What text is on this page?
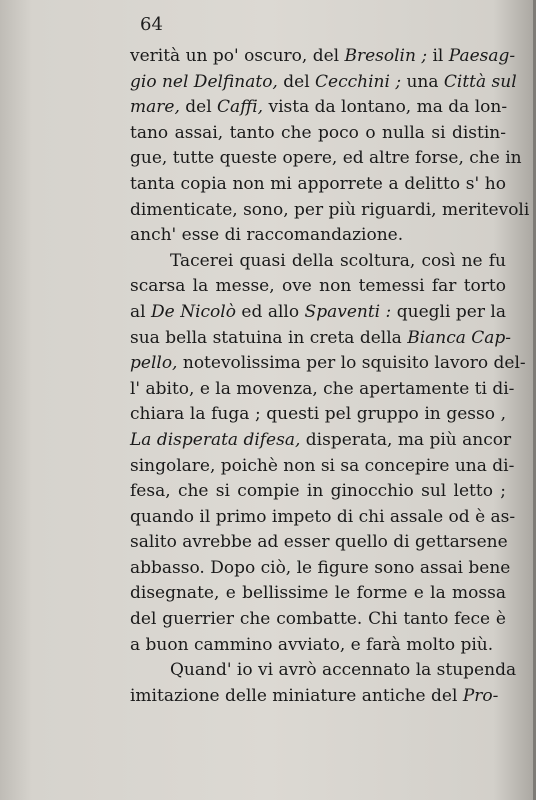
64
verità un po' oscuro, del Bresolin ; il Paesag-
gio nel Delfinato, del Cecchini ; una Città sul
mare, del Caffi, vista da lontano, ma da lon-
tano assai, tanto che poco o nulla si distin-
gue, tutte queste opere, ed altre forse, che in
tanta copia non mi apporrete a delitto s' ho
dimenticate, sono, per più riguardi, meritevoli
anch' esse di raccomandazione.
Tacerei quasi della scoltura, così ne fu
scarsa la messe, ove non temessi far torto
al De Nicolò ed allo Spaventi : quegli per la
sua bella statuina in creta della Bianca Cap-
pello, notevolissima per lo squisito lavoro del-
l' abito, e la movenza, che apertamente ti di-
chiara la fuga ; questi pel gruppo in gesso ,
La disperata difesa, disperata, ma più ancor
singolare, poichè non si sa concepire una di-
fesa, che si compie in ginocchio sul letto ;
quando il primo impeto di chi assale od è as-
salito avrebbe ad esser quello di gettarsene
abbasso. Dopo ciò, le figure sono assai bene
disegnate, e bellissime le forme e la mossa
del guerrier che combatte. Chi tanto fece è
a buon cammino avviato, e farà molto più.
Quand' io vi avrò accennato la stupenda
imitazione delle miniature antiche del Pro-
